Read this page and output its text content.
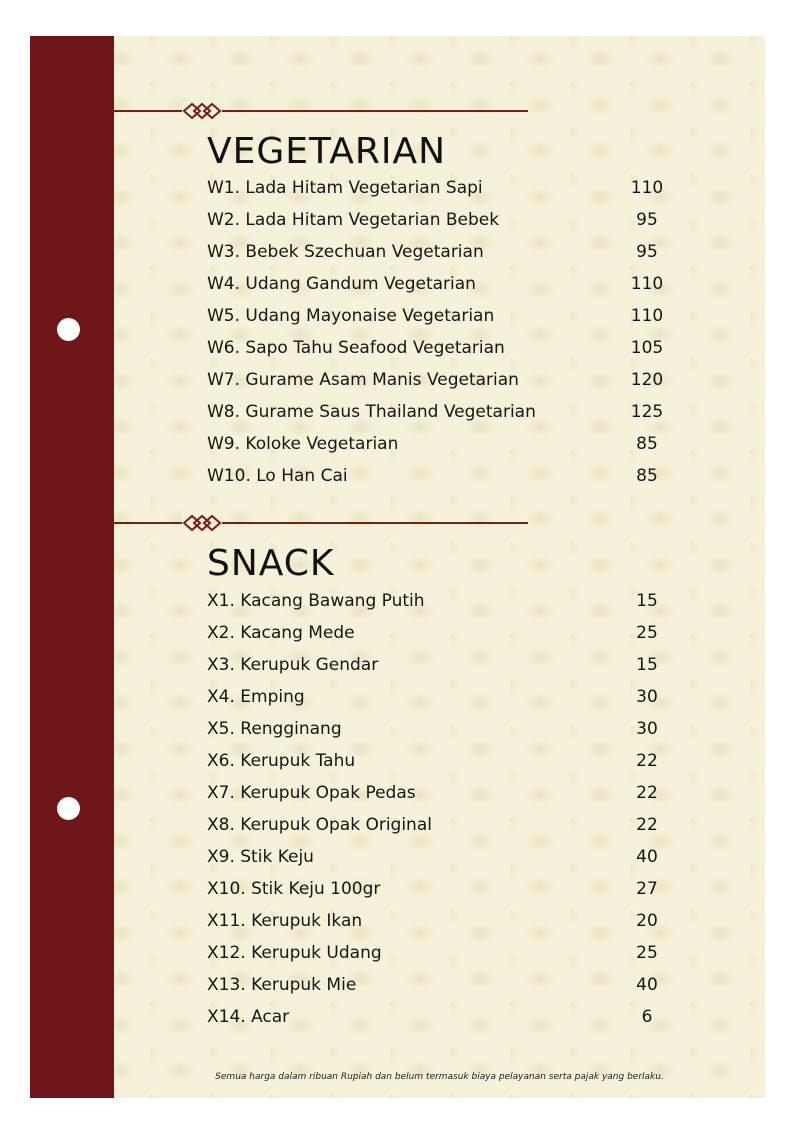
VEGETARIAN
W1. Lada Hitam Vegetarian Sapi	110
W2. Lada Hitam Vegetarian Bebek	95
W3. Bebek Szechuan Vegetarian	95
W4. Udang Gandum Vegetarian	110
W5. Udang Mayonaise Vegetarian	110
W6. Sapo Tahu Seafood Vegetarian	105
W7. Gurame Asam Manis Vegetarian	120
W8. Gurame Saus Thailand Vegetarian	125
W9. Koloke Vegetarian	85
W10. Lo Han Cai	85
SNACK
X1. Kacang Bawang Putih	15
X2. Kacang Mede	25
X3. Kerupuk Gendar	15
X4. Emping	30
X5. Rengginang	30
X6. Kerupuk Tahu	22
X7. Kerupuk Opak Pedas	22
X8. Kerupuk Opak Original	22
X9. Stik Keju	40
X10. Stik Keju 100gr	27
X11. Kerupuk Ikan	20
X12. Kerupuk Udang	25
X13. Kerupuk Mie	40
X14. Acar	6

Semua harga dalam ribuan Rupiah dan belum termasuk biaya pelayanan serta pajak yang berlaku.
